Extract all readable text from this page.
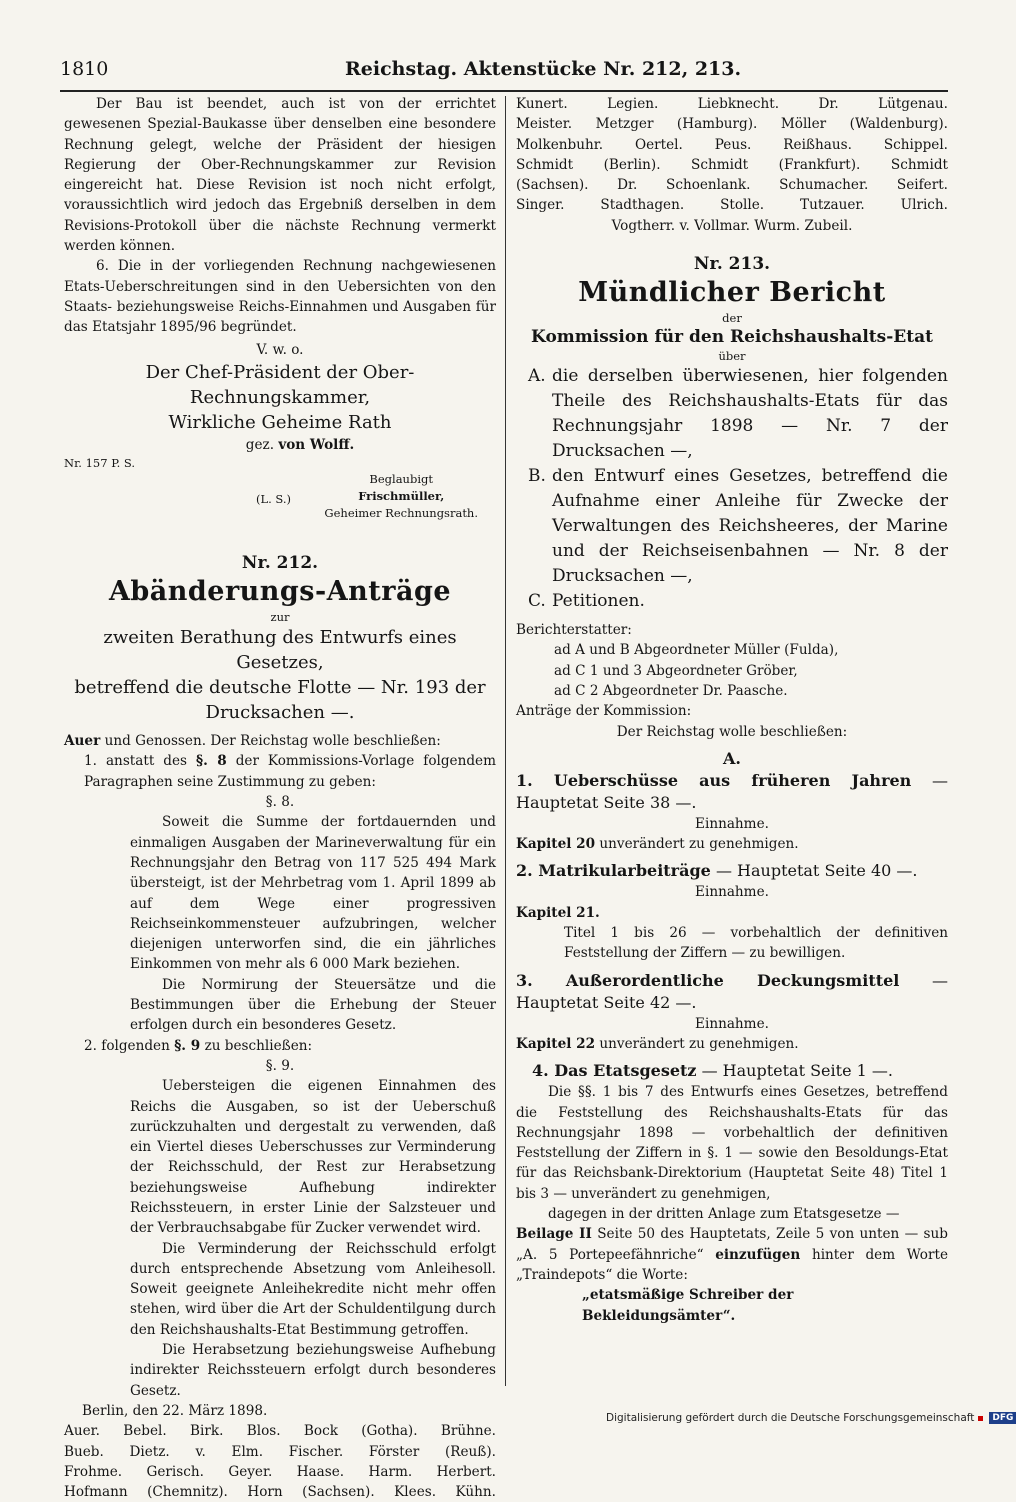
1810	Reichstag. Aktenstücke Nr. 212, 213.

Der Bau ist beendet, auch ist von der errichtet gewesenen Spezial-Baukasse über denselben eine besondere Rechnung gelegt, welche der Präsident der hiesigen Regierung der Ober-Rechnungskammer zur Revision eingereicht hat. Diese Revision ist noch nicht erfolgt, voraussichtlich wird jedoch das Ergebniß derselben in dem Revisions-Protokoll über die nächste Rechnung vermerkt werden können.

6. Die in der vorliegenden Rechnung nachgewiesenen Etats-Ueberschreitungen sind in den Uebersichten von den Staats- beziehungsweise Reichs-Einnahmen und Ausgaben für das Etatsjahr 1895/96 begründet.

V. w. o.

Der Chef-Präsident der Ober-Rechnungskammer,

Wirkliche Geheime Rath

gez. von Wolff.

Nr. 157 P. S.

(L. S.)
Beglaubigt
Frischmüller,
Geheimer Rechnungsrath.

Nr. 212.

Abänderungs-Anträge

zur

zweiten Berathung des Entwurfs eines Gesetzes,

betreffend die deutsche Flotte — Nr. 193 der

Drucksachen —.

Auer und Genossen. Der Reichstag wolle beschließen:

1. anstatt des §. 8 der Kommissions-Vorlage folgendem Paragraphen seine Zustimmung zu geben:

§. 8.

Soweit die Summe der fortdauernden und einmaligen Ausgaben der Marineverwaltung für ein Rechnungsjahr den Betrag von 117 525 494 Mark übersteigt, ist der Mehrbetrag vom 1. April 1899 ab auf dem Wege einer progressiven Reichseinkommensteuer aufzubringen, welcher diejenigen unterworfen sind, die ein jährliches Einkommen von mehr als 6 000 Mark beziehen.

Die Normirung der Steuersätze und die Bestimmungen über die Erhebung der Steuer erfolgen durch ein besonderes Gesetz.

2. folgenden §. 9 zu beschließen:

§. 9.

Uebersteigen die eigenen Einnahmen des Reichs die Ausgaben, so ist der Ueberschuß zurückzuhalten und dergestalt zu verwenden, daß ein Viertel dieses Ueberschusses zur Verminderung der Reichsschuld, der Rest zur Herabsetzung beziehungsweise Aufhebung indirekter Reichssteuern, in erster Linie der Salzsteuer und der Verbrauchsabgabe für Zucker verwendet wird.

Die Verminderung der Reichsschuld erfolgt durch entsprechende Absetzung vom Anleihesoll. Soweit geeignete Anleihekredite nicht mehr offen stehen, wird über die Art der Schuldentilgung durch den Reichshaushalts-Etat Bestimmung getroffen.

Die Herabsetzung beziehungsweise Aufhebung indirekter Reichssteuern erfolgt durch besonderes Gesetz.

Berlin, den 22. März 1898.

Auer. Bebel. Birk. Blos. Bock (Gotha). Brühne.

Bueb. Dietz. v. Elm. Fischer. Förster (Reuß).

Frohme. Gerisch. Geyer. Haase. Harm. Herbert.

Hofmann (Chemnitz). Horn (Sachsen). Klees. Kühn.

Kunert. Legien. Liebknecht. Dr. Lütgenau.

Meister. Metzger (Hamburg). Möller (Waldenburg).

Molkenbuhr. Oertel. Peus. Reißhaus. Schippel.

Schmidt (Berlin). Schmidt (Frankfurt). Schmidt

(Sachsen). Dr. Schoenlank. Schumacher. Seifert.

Singer. Stadthagen. Stolle. Tutzauer. Ulrich.

Vogtherr. v. Vollmar. Wurm. Zubeil.

Nr. 213.

Mündlicher Bericht

der

Kommission für den Reichshaushalts-Etat

über

A. die derselben überwiesenen, hier folgenden Theile des Reichshaushalts-Etats für das Rechnungsjahr 1898 — Nr. 7 der Drucksachen —,
B. den Entwurf eines Gesetzes, betreffend die Aufnahme einer Anleihe für Zwecke der Verwaltungen des Reichsheeres, der Marine und der Reichseisenbahnen — Nr. 8 der Drucksachen —,
C. Petitionen.

Berichterstatter:

ad A und B Abgeordneter Müller (Fulda),

ad C 1 und 3 Abgeordneter Gröber,

ad C 2 Abgeordneter Dr. Paasche.

Anträge der Kommission:

Der Reichstag wolle beschließen:

A.

1. Ueberschüsse aus früheren Jahren — Hauptetat Seite 38 —.

Einnahme.

Kapitel 20 unverändert zu genehmigen.

2. Matrikularbeiträge — Hauptetat Seite 40 —.

Einnahme.

Kapitel 21.

Titel 1 bis 26 — vorbehaltlich der definitiven Feststellung der Ziffern — zu bewilligen.

3. Außerordentliche Deckungsmittel — Hauptetat Seite 42 —.

Einnahme.

Kapitel 22 unverändert zu genehmigen.

4. Das Etatsgesetz — Hauptetat Seite 1 —.

Die §§. 1 bis 7 des Entwurfs eines Gesetzes, betreffend die Feststellung des Reichshaushalts-Etats für das Rechnungsjahr 1898 — vorbehaltlich der definitiven Feststellung der Ziffern in §. 1 — sowie den Besoldungs-Etat für das Reichsbank-Direktorium (Hauptetat Seite 48) Titel 1 bis 3 — unverändert zu genehmigen,

dagegen in der dritten Anlage zum Etatsgesetze —

Beilage II Seite 50 des Hauptetats, Zeile 5 von unten — sub „A. 5 Portepeefähnriche“ einzufügen hinter dem Worte „Traindepots“ die Worte:

„etatsmäßige Schreiber der Bekleidungsämter“.

Digitalisierung gefördert durch die Deutsche Forschungsgemeinschaft DFG
